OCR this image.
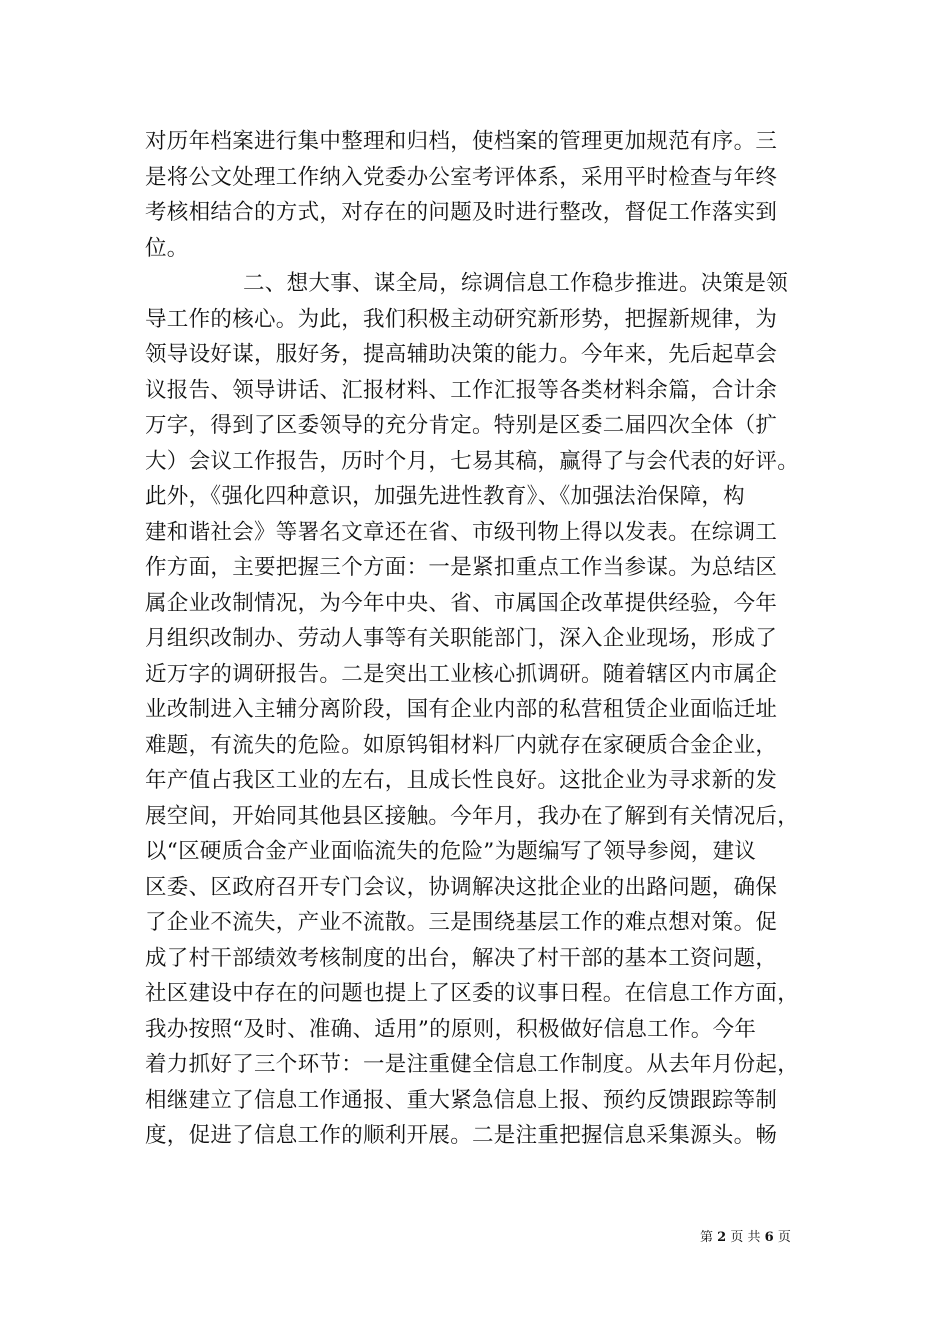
对历年档案进行集中整理和归档，使档案的管理更加规范有序。三
是将公文处理工作纳入党委办公室考评体系，采用平时检查与年终
考核相结合的方式，对存在的问题及时进行整改，督促工作落实到
位。
二、想大事、谋全局，综调信息工作稳步推进。决策是领
导工作的核心。为此，我们积极主动研究新形势，把握新规律，为
领导设好谋，服好务，提高辅助决策的能力。今年来，先后起草会
议报告、领导讲话、汇报材料、工作汇报等各类材料余篇，合计余
万字，得到了区委领导的充分肯定。特别是区委二届四次全体（扩
大）会议工作报告，历时个月，七易其稿，赢得了与会代表的好评。
此外，《强化四种意识，加强先进性教育》、《加强法治保障，构
建和谐社会》等署名文章还在省、市级刊物上得以发表。在综调工
作方面，主要把握三个方面：一是紧扣重点工作当参谋。为总结区
属企业改制情况，为今年中央、省、市属国企改革提供经验，今年
月组织改制办、劳动人事等有关职能部门，深入企业现场，形成了
近万字的调研报告。二是突出工业核心抓调研。随着辖区内市属企
业改制进入主辅分离阶段，国有企业内部的私营租赁企业面临迁址
难题，有流失的危险。如原钨钼材料厂内就存在家硬质合金企业，
年产值占我区工业的左右，且成长性良好。这批企业为寻求新的发
展空间，开始同其他县区接触。今年月，我办在了解到有关情况后，
以“区硬质合金产业面临流失的危险”为题编写了领导参阅，建议
区委、区政府召开专门会议，协调解决这批企业的出路问题，确保
了企业不流失，产业不流散。三是围绕基层工作的难点想对策。促
成了村干部绩效考核制度的出台，解决了村干部的基本工资问题，
社区建设中存在的问题也提上了区委的议事日程。在信息工作方面，
我办按照“及时、准确、适用”的原则，积极做好信息工作。今年
着力抓好了三个环节：一是注重健全信息工作制度。从去年月份起，
相继建立了信息工作通报、重大紧急信息上报、预约反馈跟踪等制
度，促进了信息工作的顺利开展。二是注重把握信息采集源头。畅
第 2 页 共 6 页
